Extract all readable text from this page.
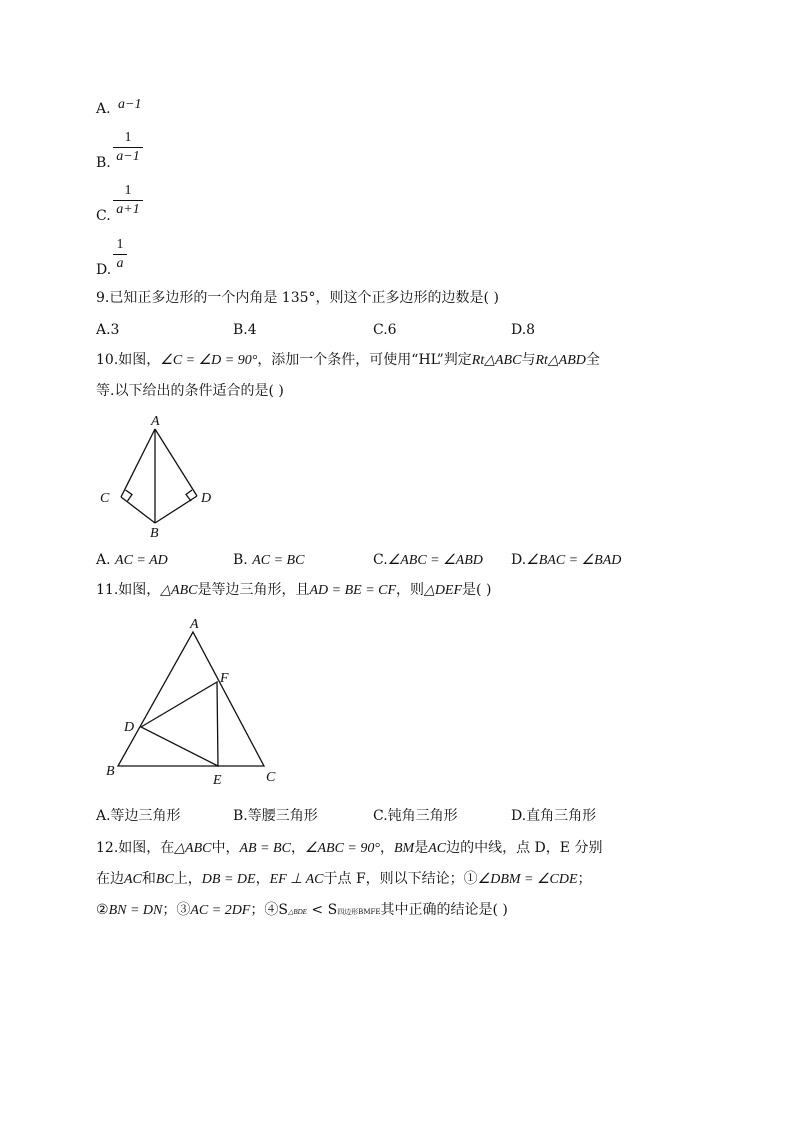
A. a−1
B.
1
a−1
C.
1
a+1
D.
1
a
9.已知正多边形的一个内角是 135°，则这个正多边形的边数是( )
A.3	B.4	C.6	D.8
10.如图，∠C = ∠D = 90°，添加一个条件，可使用“HL”判定Rt△ABC与Rt△ABD全
等.以下给出的条件适合的是( )
A
C	D
B
A. AC = AD	B. AC = BC	C.∠ABC = ∠ABD D.∠BAC = ∠BAD
11.如图，△ABC是等边三角形，且AD = BE = CF，则△DEF是( )
A
F
D
B
E	C
A.等边三角形	B.等腰三角形	C.钝角三角形	D.直角三角形
12.如图，在△ABC中，AB = BC，∠ABC = 90°，BM是AC边的中线，点 D，E 分别
在边AC和BC上，DB = DE，EF ⊥ AC于点 F，则以下结论；①∠DBM = ∠CDE；
②BN = DN；③AC = 2DF；④S△BDE < S四边形BMFE其中正确的结论是( )
